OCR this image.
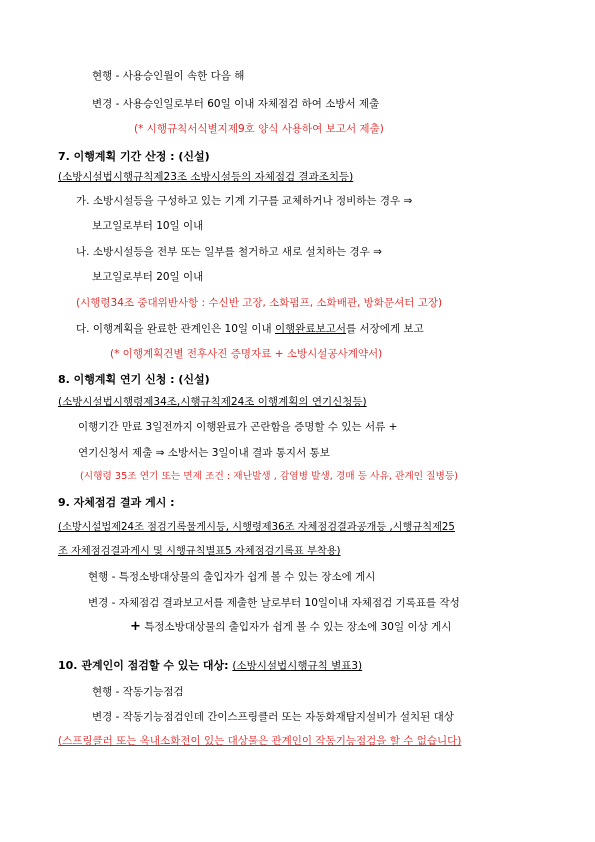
현행 - 사용승인월이 속한 다음 해
변경 - 사용승인일로부터 60일 이내 자체점검 하여 소방서 제출
(* 시행규칙서식별지제9호 양식 사용하여 보고서 제출)
7. 이행계획 기간 산정 : (신설)
(소방시설법시행규칙제23조 소방시설등의 자체점검 결과조치등)
가. 소방시설등을 구성하고 있는 기계 기구를 교체하거나 정비하는 경우 ⇒
보고일로부터 10일 이내
나. 소방시설등을 전부 또는 일부를 철거하고 새로 설치하는 경우 ⇒
보고일로부터 20일 이내
(시행령34조 중대위반사항 : 수신반 고장, 소화펌프, 소화배관, 방화문셔터 고장)
다. 이행계획을 완료한 관계인은 10일 이내 이행완료보고서를 서장에게 보고
(* 이행계획건별 전후사진 증명자료 + 소방시설공사계약서)
8. 이행계획 연기 신청 : (신설)
(소방시설법시행령제34조,시행규칙제24조 이행계획의 연기신청등)
이행기간 만료 3일전까지 이행완료가 곤란함을 증명할 수 있는 서류 +
연기신청서 제출 ⇒ 소방서는 3일이내 결과 통지서 통보
(시행령 35조 연기 또는 면제 조건 : 재난발생 , 감염병 발생, 경매 등 사유, 관계인 질병등)
9. 자체점검 결과 게시 :
(소방시설법제24조 점검기록물게시등, 시행령제36조 자체점검결과공개등 ,시행규칙제25
조 자체점검결과게시 및 시행규칙별표5 자체점검기록표 부착용)
현행 - 특정소방대상물의 출입자가 쉽게 볼 수 있는 장소에 게시
변경 - 자체점검 결과보고서를 제출한 날로부터 10일이내 자체점검 기록표를 작성
+ 특정소방대상물의 출입자가 쉽게 볼 수 있는 장소에 30일 이상 게시
10. 관계인이 점검할 수 있는 대상: (소방시설법시행규칙 별표3)
현행 - 작동기능점검
변경 - 작동기능점검인데 간이스프링클러 또는 자동화재탐지설비가 설치된 대상
(스프링클러 또는 옥내소화전이 있는 대상물은 관계인이 작동기능점검을 할 수 없습니다)
